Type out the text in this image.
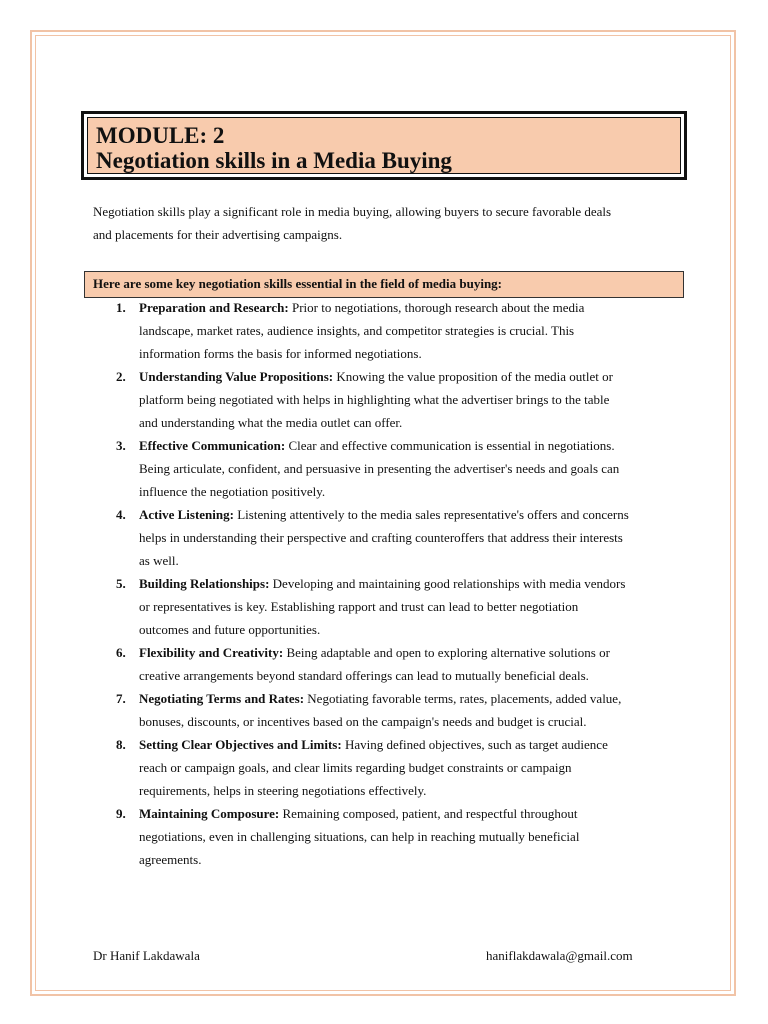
MODULE: 2
Negotiation skills in a Media Buying

Negotiation skills play a significant role in media buying, allowing buyers to secure favorable deals

and placements for their advertising campaigns.

Here are some key negotiation skills essential in the field of media buying:
1. Preparation and Research: Prior to negotiations, thorough research about the media
landscape, market rates, audience insights, and competitor strategies is crucial. This
information forms the basis for informed negotiations.
2. Understanding Value Propositions: Knowing the value proposition of the media outlet or
platform being negotiated with helps in highlighting what the advertiser brings to the table
and understanding what the media outlet can offer.
3. Effective Communication: Clear and effective communication is essential in negotiations.
Being articulate, confident, and persuasive in presenting the advertiser's needs and goals can
influence the negotiation positively.
4. Active Listening: Listening attentively to the media sales representative's offers and concerns
helps in understanding their perspective and crafting counteroffers that address their interests
as well.
5. Building Relationships: Developing and maintaining good relationships with media vendors
or representatives is key. Establishing rapport and trust can lead to better negotiation
outcomes and future opportunities.
6. Flexibility and Creativity: Being adaptable and open to exploring alternative solutions or
creative arrangements beyond standard offerings can lead to mutually beneficial deals.
7. Negotiating Terms and Rates: Negotiating favorable terms, rates, placements, added value,
bonuses, discounts, or incentives based on the campaign's needs and budget is crucial.
8. Setting Clear Objectives and Limits: Having defined objectives, such as target audience
reach or campaign goals, and clear limits regarding budget constraints or campaign
requirements, helps in steering negotiations effectively.
9. Maintaining Composure: Remaining composed, patient, and respectful throughout
negotiations, even in challenging situations, can help in reaching mutually beneficial
agreements.
Dr Hanif Lakdawala	haniflakdawala@gmail.com
